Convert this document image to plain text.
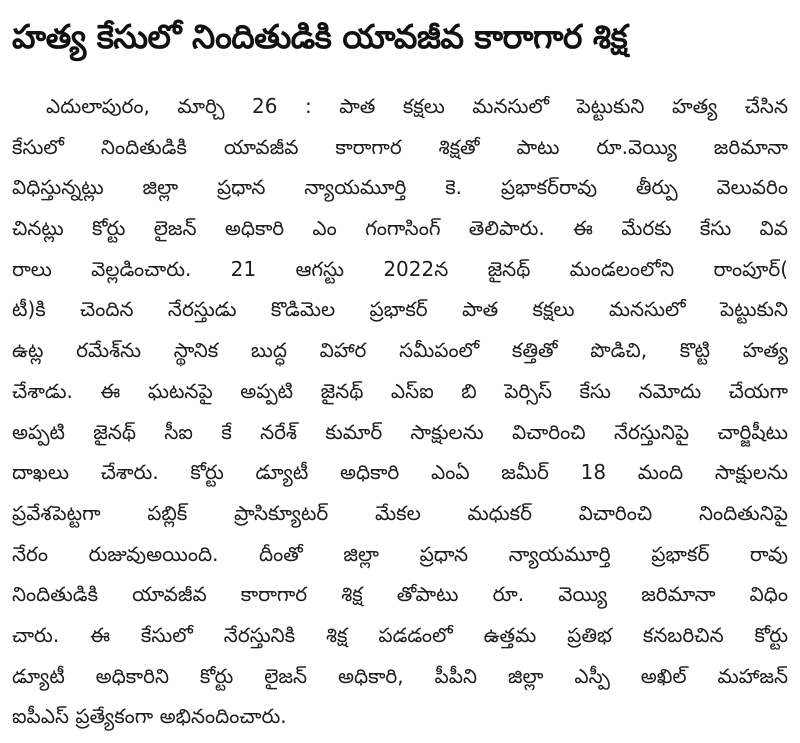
హత్య కేసులో నిందితుడికి యావజీవ కారాగార శిక్ష
ఎదులాపురం, మార్చి 26 : పాత కక్షలు మనసులో పెట్టుకుని హత్య చేసిన
కేసులో నిందితుడికి యావజీవ కారాగార శిక్షతో పాటు రూ.వెయ్యి జరిమానా
విధిస్తున్నట్లు జిల్లా ప్రధాన న్యాయమూర్తి కె. ప్రభాకర్‌రావు తీర్పు వెలువరిం
చినట్లు కోర్టు లైజన్ అధికారి ఎం గంగాసింగ్ తెలిపారు. ఈ మేరకు కేసు వివ
రాలు వెల్లడించారు. 21 ఆగస్టు 2022న జైనథ్ మండలంలోని రాంపూర్(
టీ)కి చెందిన నేరస్తుడు కొడిమెల ప్రభాకర్ పాత కక్షలు మనసులో పెట్టుకుని
ఉట్ల రమేశ్‌ను స్థానిక బుద్ధ విహార సమీపంలో కత్తితో పొడిచి, కొట్టి హత్య
చేశాడు. ఈ ఘటనపై అప్పటి జైనథ్ ఎస్ఐ బి పెర్సిస్ కేసు నమోదు చేయగా
అప్పటి జైనథ్ సీఐ కే నరేశ్ కుమార్ సాక్షులను విచారించి నేరస్తునిపై చార్జిషీటు
దాఖలు చేశారు. కోర్టు డ్యూటీ అధికారి ఎంఏ జమీర్ 18 మంది సాక్షులను
ప్రవేశపెట్టగా పబ్లిక్ ప్రాసిక్యూటర్ మేకల మధుకర్ విచారించి నిందితునిపై
నేరం రుజువుఅయింది. దీంతో జిల్లా ప్రధాన న్యాయమూర్తి ప్రభాకర్ రావు
నిందితుడికి యావజీవ కారాగార శిక్ష తోపాటు రూ. వెయ్యి జరిమానా విధిం
చారు. ఈ కేసులో నేరస్తునికి శిక్ష పడడంలో ఉత్తమ ప్రతిభ కనబరిచిన కోర్టు
డ్యూటీ అధికారిని కోర్టు లైజన్ అధికారి, పీపీని జిల్లా ఎస్పీ అఖిల్ మహాజన్
ఐపీఎస్ ప్రత్యేకంగా అభినందించారు.
